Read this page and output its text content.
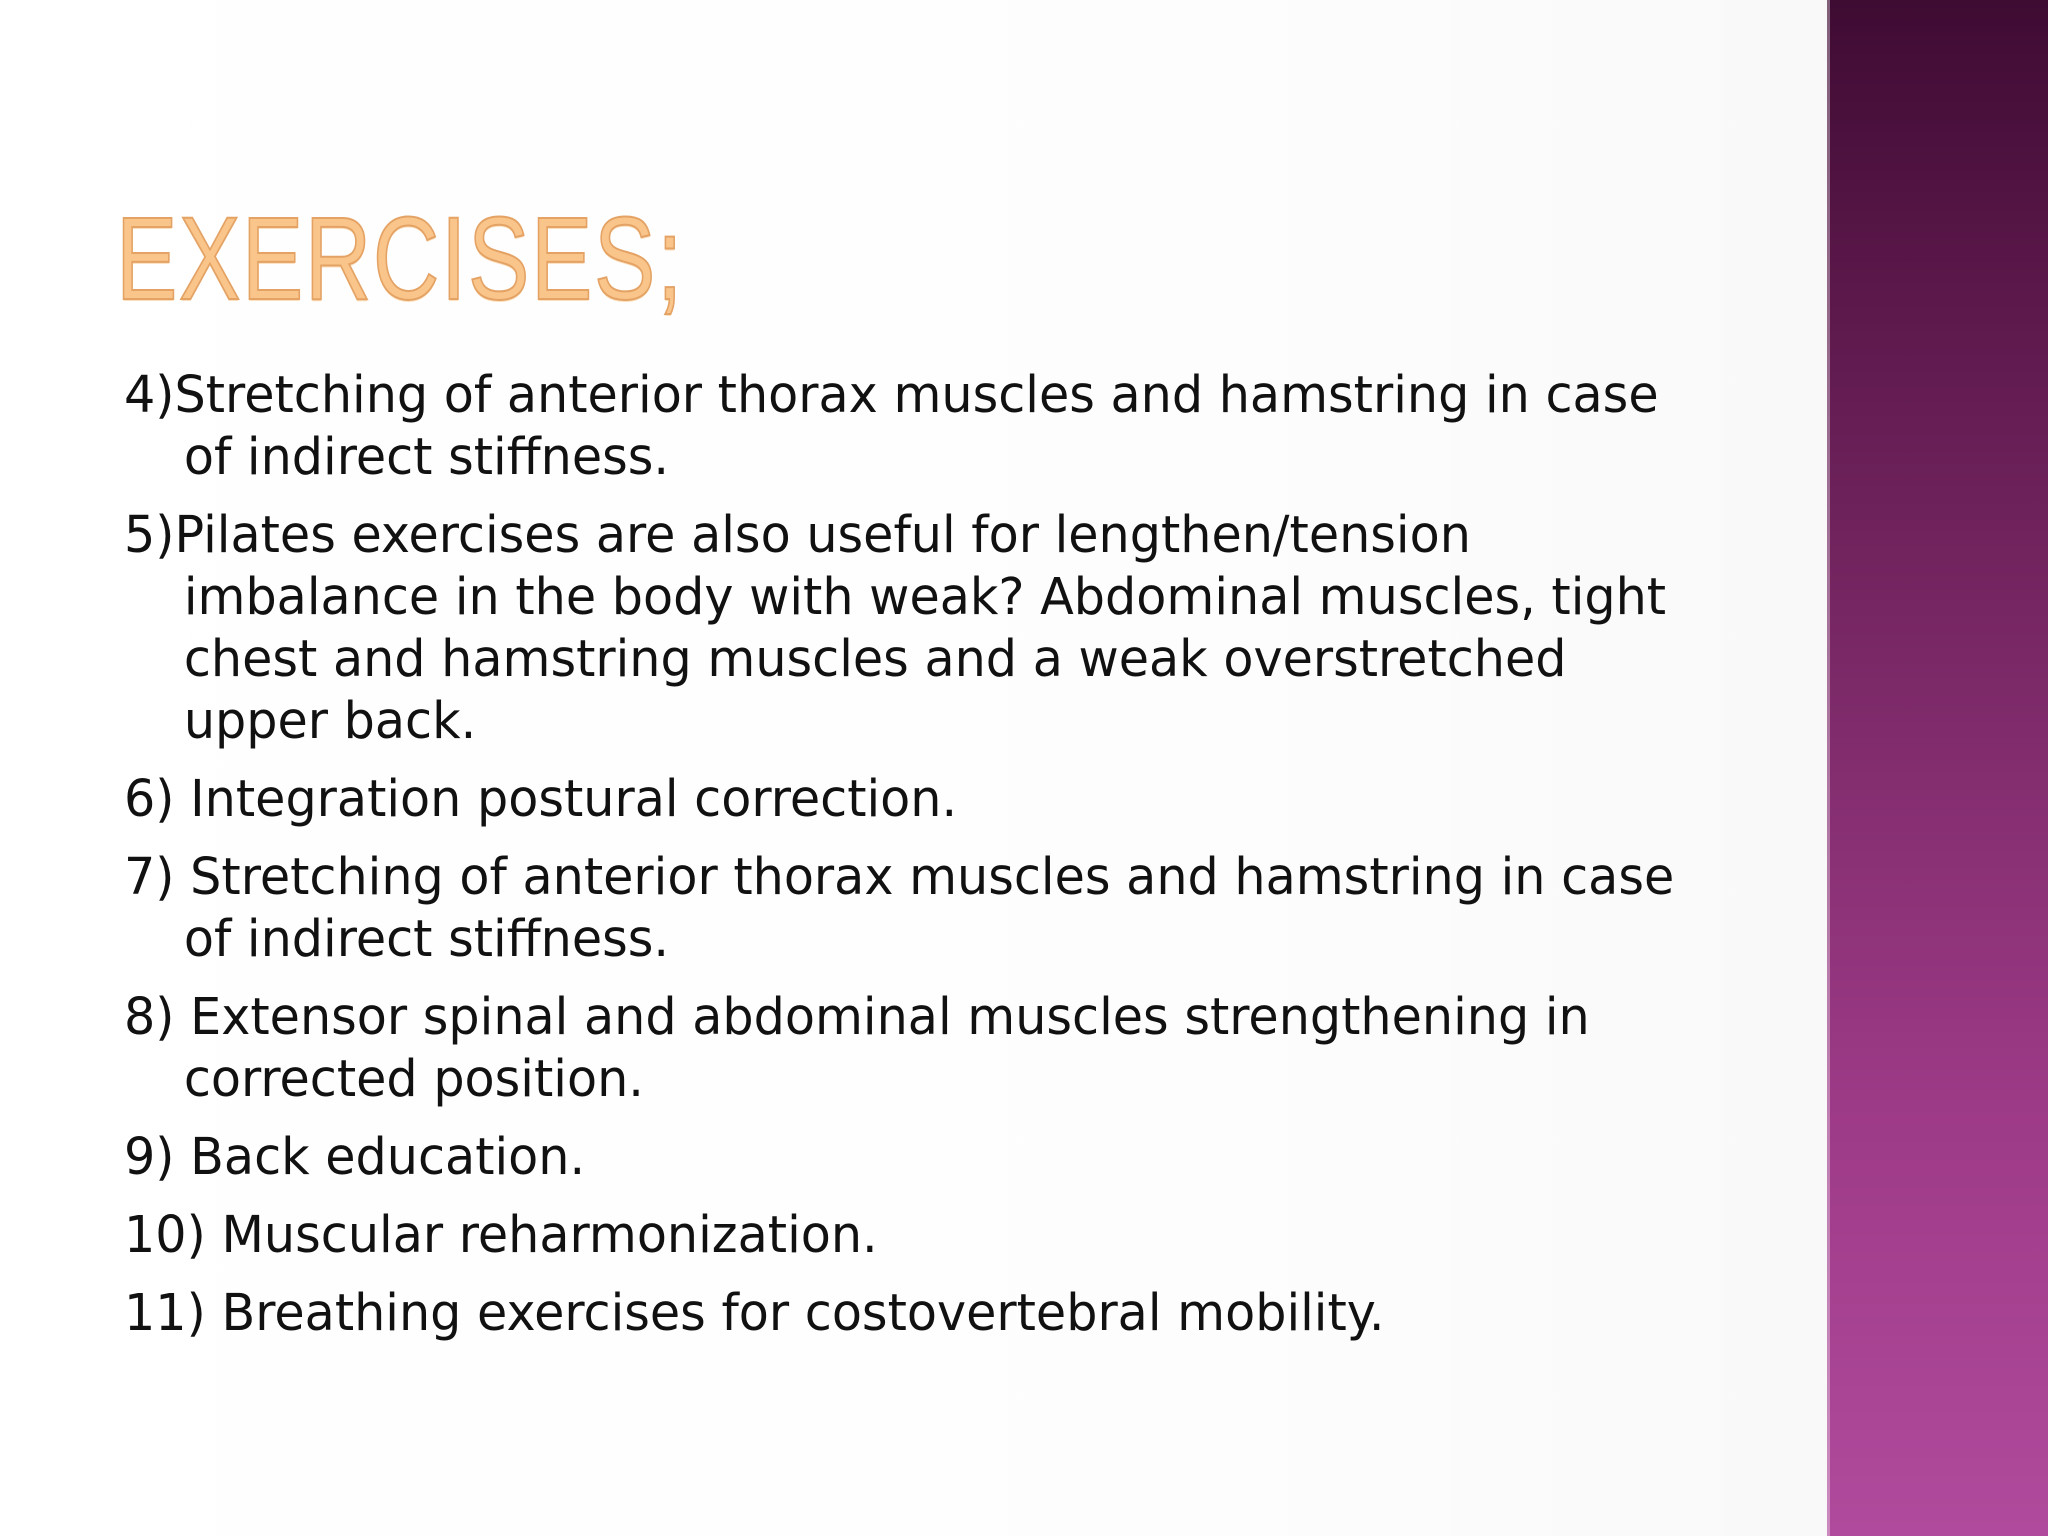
EXERCISES;
4)Stretching of anterior thorax muscles and hamstring in case of indirect stiffness.
5)Pilates exercises are also useful for lengthen/tension imbalance in the body with weak? Abdominal muscles, tight chest and hamstring muscles and a weak overstretched upper back.
6) Integration postural correction.
7) Stretching of anterior thorax muscles and hamstring in case of indirect stiffness.
8) Extensor spinal and abdominal muscles strengthening in corrected position.
9) Back education.
10) Muscular reharmonization.
11) Breathing exercises for costovertebral mobility.
